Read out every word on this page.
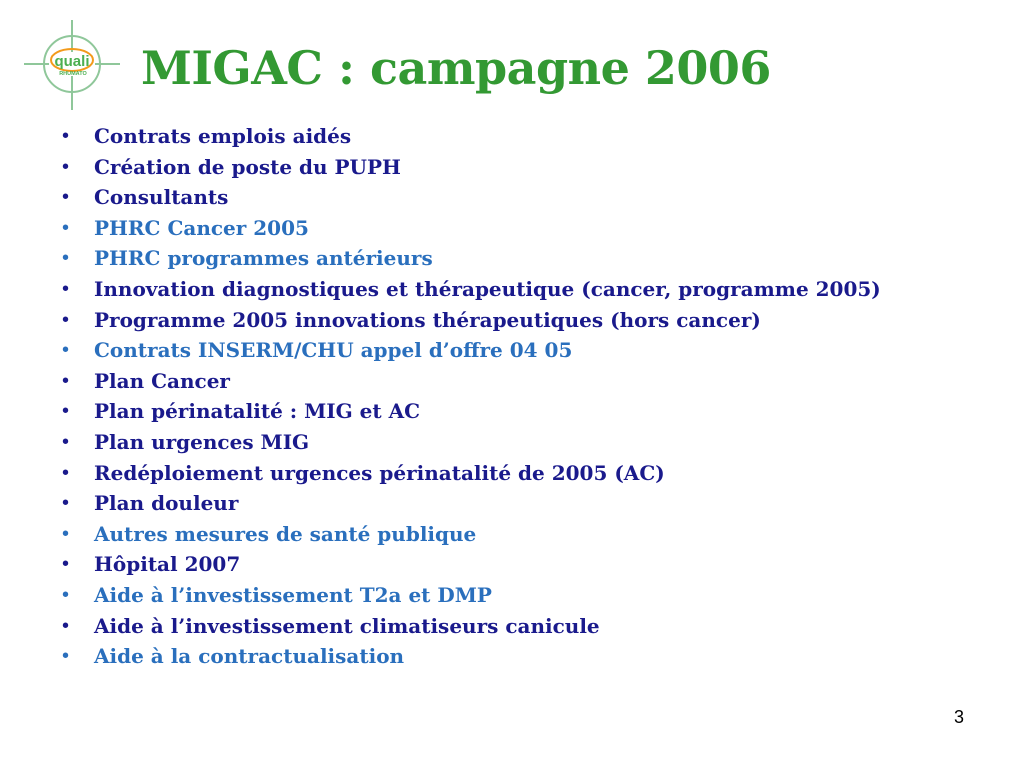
quali
RHUMATO MIGAC : campagne 2006
• Contrats emplois aidés
• Création de poste du PUPH
• Consultants
• PHRC Cancer 2005
• PHRC programmes antérieurs
• Innovation diagnostiques et thérapeutique (cancer, programme 2005)
• Programme 2005 innovations thérapeutiques (hors cancer)
• Contrats INSERM/CHU appel d’offre 04 05
• Plan Cancer
• Plan périnatalité : MIG et AC
• Plan urgences MIG
• Redéploiement urgences périnatalité de 2005 (AC)
• Plan douleur
• Autres mesures de santé publique
• Hôpital 2007
• Aide à l’investissement T2a et DMP
• Aide à l’investissement climatiseurs canicule
• Aide à la contractualisation
3
